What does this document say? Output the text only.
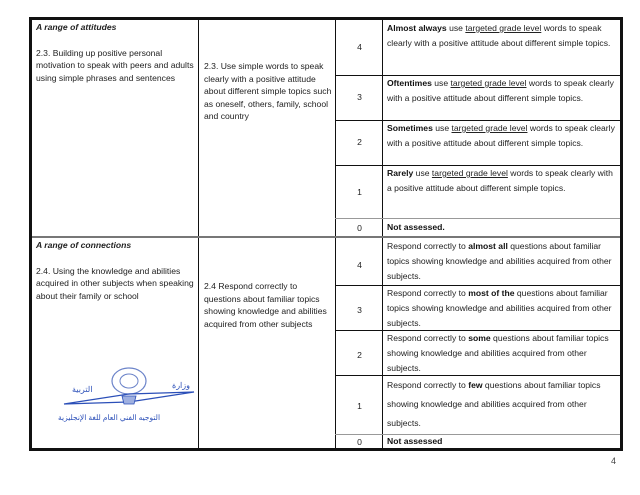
A range of attitudes
2.3. Building up positive personal motivation to speak with peers and adults using simple phrases and sentences
2.3. Use simple words to speak clearly with a positive attitude about different simple topics such as oneself, others, family, school and country
A range of connections
2.4. Using the knowledge and abilities acquired in other subjects when speaking about their family or school
2.4 Respond correctly to questions about familiar topics showing knowledge and abilities acquired from other subjects
التربية	وزارة
التوجيه الفني العام للغة الإنجليزية
4
3
2
1
0
Almost always use targeted grade level words to speak clearly with a positive attitude about different simple topics.
Oftentimes use targeted grade level words to speak clearly with a positive attitude about different simple topics.
Sometimes use targeted grade level words to speak clearly with a positive attitude about different simple topics.
Rarely use targeted grade level words to speak clearly with a positive attitude about different simple topics.
Not assessed.
4
3
2
1
0
Respond correctly to almost all questions about familiar topics showing knowledge and abilities acquired from other subjects.
Respond correctly to most of the questions about familiar topics showing knowledge and abilities acquired from other subjects.
Respond correctly to some questions about familiar topics showing knowledge and abilities acquired from other subjects.
Respond correctly to few questions about familiar topics showing knowledge and abilities acquired from other subjects.
Not assessed
4
